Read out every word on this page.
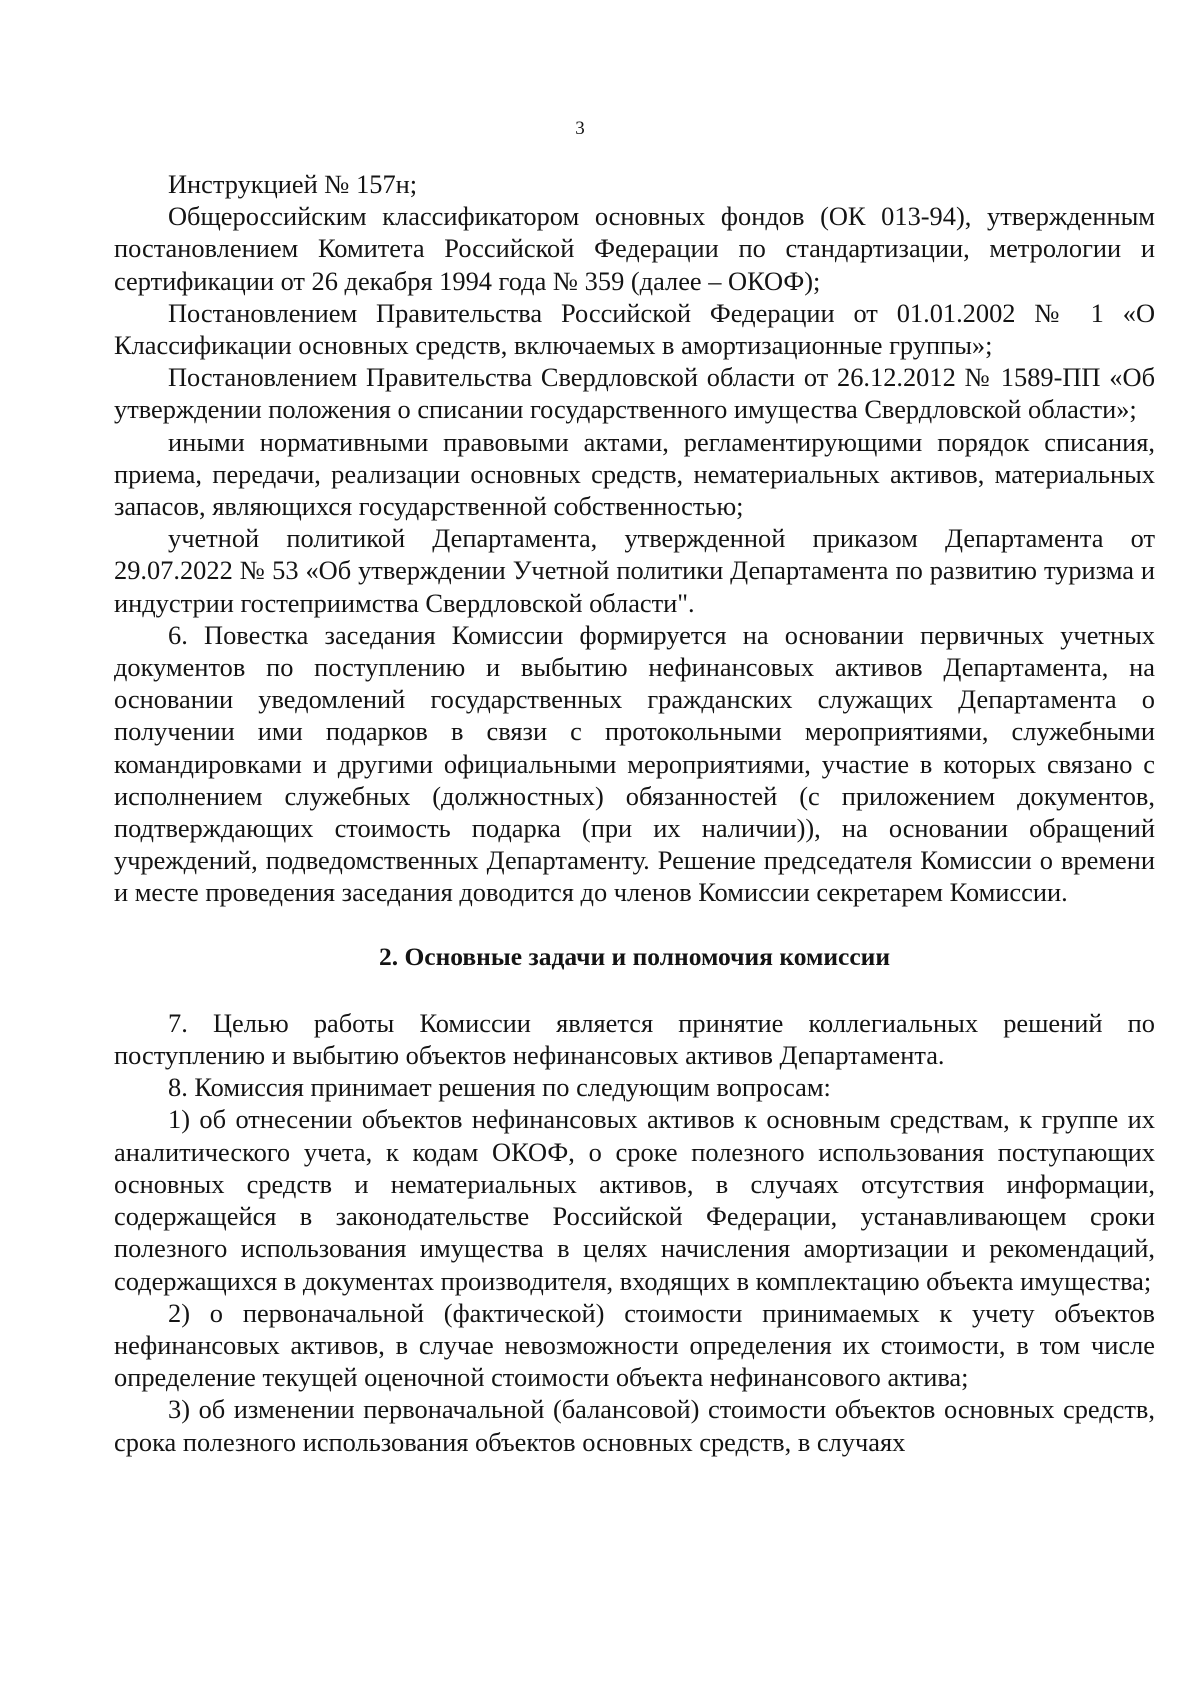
3

Инструкцией № 157н;

Общероссийским классификатором основных фондов (ОК 013-94), утвержденным постановлением Комитета Российской Федерации по стандартизации, метрологии и сертификации от 26 декабря 1994 года № 359 (далее – ОКОФ);

Постановлением Правительства Российской Федерации от 01.01.2002 № 1 «О Классификации основных средств, включаемых в амортизационные группы»;

Постановлением Правительства Свердловской области от 26.12.2012 № 1589-ПП «Об утверждении положения о списании государственного имущества Свердловской области»;

иными нормативными правовыми актами, регламентирующими порядок списания, приема, передачи, реализации основных средств, нематериальных активов, материальных запасов, являющихся государственной собственностью;

учетной политикой Департамента, утвержденной приказом Департамента от 29.07.2022 № 53 «Об утверждении Учетной политики Департамента по развитию туризма и индустрии гостеприимства Свердловской области".

6. Повестка заседания Комиссии формируется на основании первичных учетных документов по поступлению и выбытию нефинансовых активов Департамента, на основании уведомлений государственных гражданских служащих Департамента о получении ими подарков в связи с протокольными мероприятиями, служебными командировками и другими официальными мероприятиями, участие в которых связано с исполнением служебных (должностных) обязанностей (с приложением документов, подтверждающих стоимость подарка (при их наличии)), на основании обращений учреждений, подведомственных Департаменту. Решение председателя Комиссии о времени и месте проведения заседания доводится до членов Комиссии секретарем Комиссии.

2. Основные задачи и полномочия комиссии

7. Целью работы Комиссии является принятие коллегиальных решений по поступлению и выбытию объектов нефинансовых активов Департамента.

8. Комиссия принимает решения по следующим вопросам:

1) об отнесении объектов нефинансовых активов к основным средствам, к группе их аналитического учета, к кодам ОКОФ, о сроке полезного использования поступающих основных средств и нематериальных активов, в случаях отсутствия информации, содержащейся в законодательстве Российской Федерации, устанавливающем сроки полезного использования имущества в целях начисления амортизации и рекомендаций, содержащихся в документах производителя, входящих в комплектацию объекта имущества;

2) о первоначальной (фактической) стоимости принимаемых к учету объектов нефинансовых активов, в случае невозможности определения их стоимости, в том числе определение текущей оценочной стоимости объекта нефинансового актива;

3) об изменении первоначальной (балансовой) стоимости объектов основных средств, срока полезного использования объектов основных средств, в случаях
